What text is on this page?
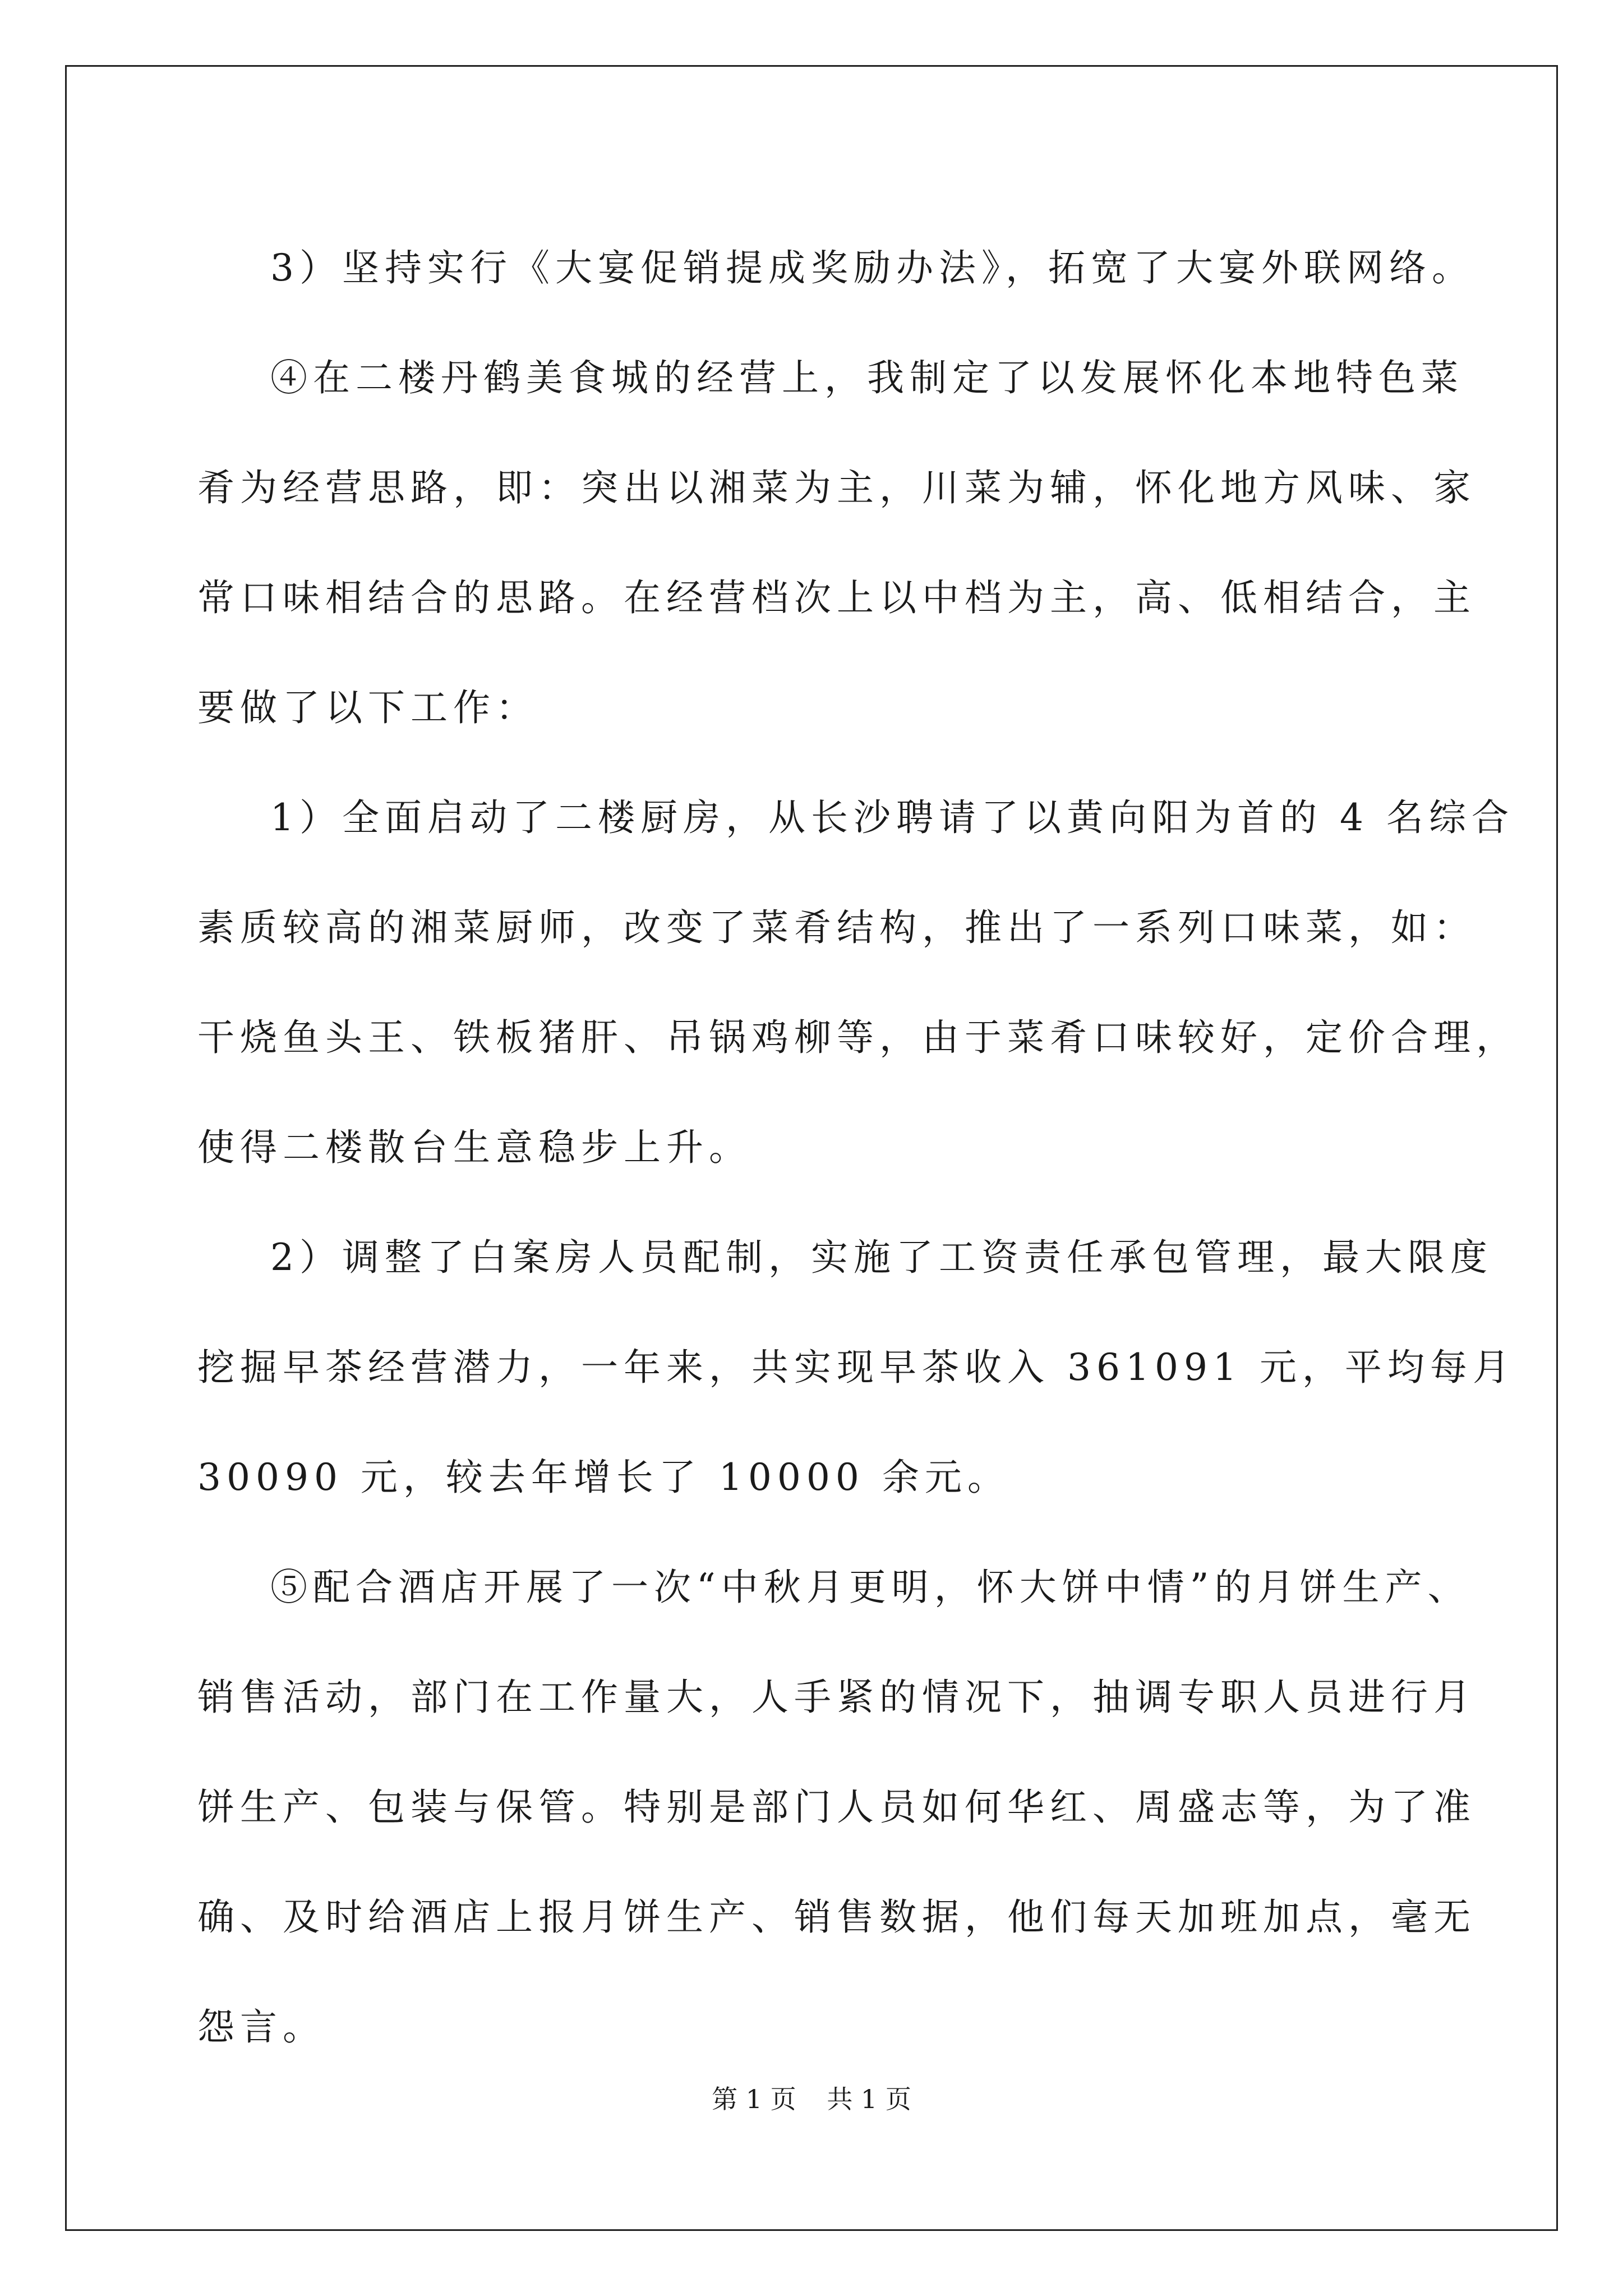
3）坚持实行《大宴促销提成奖励办法》，拓宽了大宴外联网络。

④在二楼丹鹤美食城的经营上，我制定了以发展怀化本地特色菜
肴为经营思路，即：突出以湘菜为主，川菜为辅，怀化地方风味、家
常口味相结合的思路。在经营档次上以中档为主，高、低相结合，主
要做了以下工作：

1）全面启动了二楼厨房，从长沙聘请了以黄向阳为首的 4 名综合
素质较高的湘菜厨师，改变了菜肴结构，推出了一系列口味菜，如：
干烧鱼头王、铁板猪肝、吊锅鸡柳等，由于菜肴口味较好，定价合理，
使得二楼散台生意稳步上升。

2）调整了白案房人员配制，实施了工资责任承包管理，最大限度
挖掘早茶经营潜力，一年来，共实现早茶收入 361091 元，平均每月
30090 元，较去年增长了 10000 余元。

⑤配合酒店开展了一次“中秋月更明，怀大饼中情”的月饼生产、
销售活动，部门在工作量大，人手紧的情况下，抽调专职人员进行月
饼生产、包装与保管。特别是部门人员如何华红、周盛志等，为了准
确、及时给酒店上报月饼生产、销售数据，他们每天加班加点，毫无
怨言。

第 1 页 共 1 页
